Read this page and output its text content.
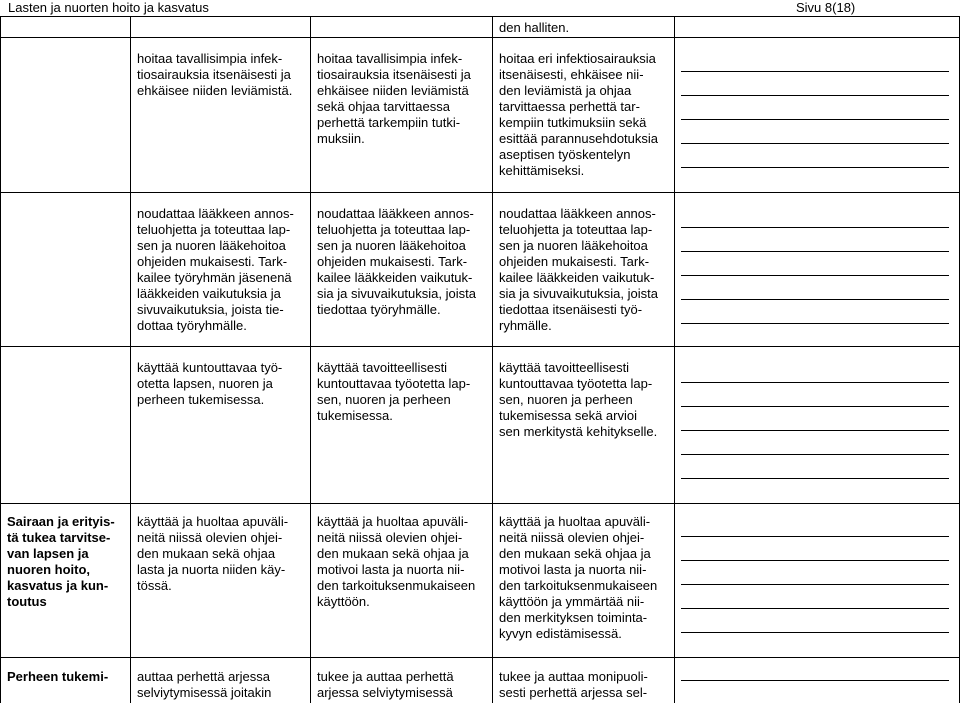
Lasten ja nuorten hoito ja kasvatus	Sivu 8(18)
den halliten.
hoitaa tavallisimpia infek-
tiosairauksia itsenäisesti ja
ehkäisee niiden leviämistä.
hoitaa tavallisimpia infek-
tiosairauksia itsenäisesti ja
ehkäisee niiden leviämistä
sekä ohjaa tarvittaessa
perhettä tarkempiin tutki-
muksiin.
hoitaa eri infektiosairauksia
itsenäisesti, ehkäisee nii-
den leviämistä ja ohjaa
tarvittaessa perhettä tar-
kempiin tutkimuksiin sekä
esittää parannusehdotuksia
aseptisen työskentelyn
kehittämiseksi.
noudattaa lääkkeen annos-
teluohjetta ja toteuttaa lap-
sen ja nuoren lääkehoitoa
ohjeiden mukaisesti. Tark-
kailee työryhmän jäsenenä
lääkkeiden vaikutuksia ja
sivuvaikutuksia, joista tie-
dottaa työryhmälle.
noudattaa lääkkeen annos-
teluohjetta ja toteuttaa lap-
sen ja nuoren lääkehoitoa
ohjeiden mukaisesti. Tark-
kailee lääkkeiden vaikutuk-
sia ja sivuvaikutuksia, joista
tiedottaa työryhmälle.
noudattaa lääkkeen annos-
teluohjetta ja toteuttaa lap-
sen ja nuoren lääkehoitoa
ohjeiden mukaisesti. Tark-
kailee lääkkeiden vaikutuk-
sia ja sivuvaikutuksia, joista
tiedottaa itsenäisesti työ-
ryhmälle.
käyttää kuntouttavaa työ-
otetta lapsen, nuoren ja
perheen tukemisessa.
käyttää tavoitteellisesti
kuntouttavaa työotetta lap-
sen, nuoren ja perheen
tukemisessa.
käyttää tavoitteellisesti
kuntouttavaa työotetta lap-
sen, nuoren ja perheen
tukemisessa sekä arvioi
sen merkitystä kehitykselle.
Sairaan ja erityis-
tä tukea tarvitse-
van lapsen ja
nuoren hoito,
kasvatus ja kun-
toutus
käyttää ja huoltaa apuväli-
neitä niissä olevien ohjei-
den mukaan sekä ohjaa
lasta ja nuorta niiden käy-
tössä.
käyttää ja huoltaa apuväli-
neitä niissä olevien ohjei-
den mukaan sekä ohjaa ja
motivoi lasta ja nuorta nii-
den tarkoituksenmukaiseen
käyttöön.
käyttää ja huoltaa apuväli-
neitä niissä olevien ohjei-
den mukaan sekä ohjaa ja
motivoi lasta ja nuorta nii-
den tarkoituksenmukaiseen
käyttöön ja ymmärtää nii-
den merkityksen toiminta-
kyvyn edistämisessä.
Perheen tukemi- auttaa perhettä arjessa
selviytymisessä joitakin
tukee ja auttaa perhettä
arjessa selviytymisessä
tukee ja auttaa monipuoli-
sesti perhettä arjessa sel-
